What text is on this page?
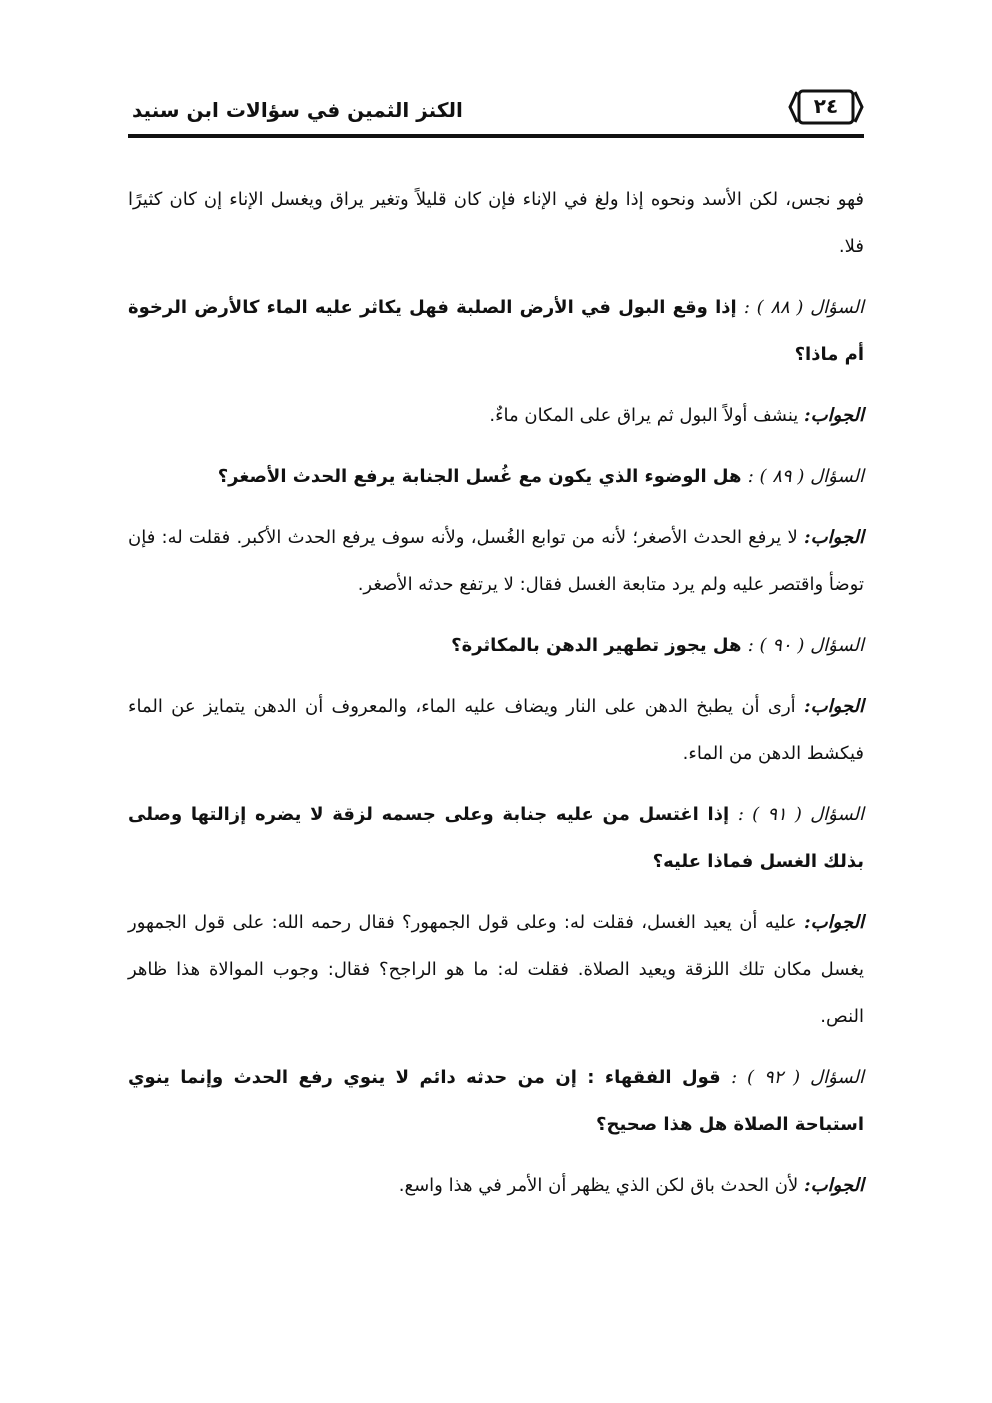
الكنز الثمين في سؤالات ابن سنيد	٢٤

فهو نجس، لكن الأسد ونحوه إذا ولغ في الإناء فإن كان قليلاً وتغير يراق ويغسل الإناء إن كان كثيرًا فلا.

السؤال ( ٨٨ ) : إذا وقع البول في الأرض الصلبة فهل يكاثر عليه الماء كالأرض الرخوة أم ماذا؟

الجواب: ينشف أولاً البول ثم يراق على المكان ماءٌ.

السؤال ( ٨٩ ) : هل الوضوء الذي يكون مع غُسل الجنابة يرفع الحدث الأصغر؟

الجواب: لا يرفع الحدث الأصغر؛ لأنه من توابع الغُسل، ولأنه سوف يرفع الحدث الأكبر. فقلت له: فإن توضأ واقتصر عليه ولم يرد متابعة الغسل فقال: لا يرتفع حدثه الأصغر.

السؤال ( ٩٠ ) : هل يجوز تطهير الدهن بالمكاثرة؟

الجواب: أرى أن يطبخ الدهن على النار ويضاف عليه الماء، والمعروف أن الدهن يتمايز عن الماء فيكشط الدهن من الماء.

السؤال ( ٩١ ) : إذا اغتسل من عليه جنابة وعلى جسمه لزقة لا يضره إزالتها وصلى بذلك الغسل فماذا عليه؟

الجواب: عليه أن يعيد الغسل، فقلت له: وعلى قول الجمهور؟ فقال رحمه الله: على قول الجمهور يغسل مكان تلك اللزقة ويعيد الصلاة. فقلت له: ما هو الراجح؟ فقال: وجوب الموالاة هذا ظاهر النص.

السؤال ( ٩٢ ) : قول الفقهاء : إن من حدثه دائم لا ينوي رفع الحدث وإنما ينوي استباحة الصلاة هل هذا صحيح؟

الجواب: لأن الحدث باق لكن الذي يظهر أن الأمر في هذا واسع.
